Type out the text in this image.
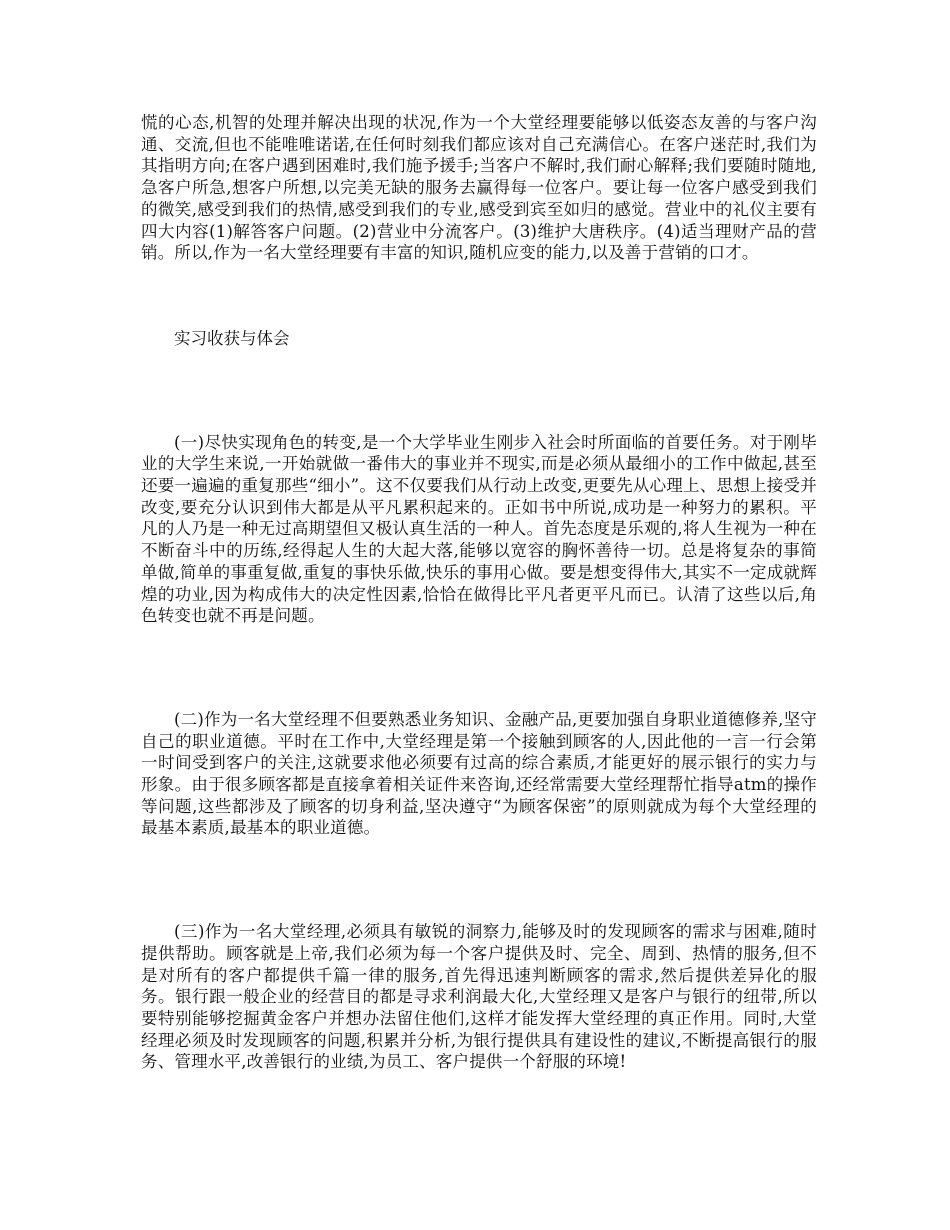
慌的心态,机智的处理并解决出现的状况,作为一个大堂经理要能够以低姿态友善的与客户沟通、交流,但也不能唯唯诺诺,在任何时刻我们都应该对自己充满信心。在客户迷茫时,我们为其指明方向;在客户遇到困难时,我们施予援手;当客户不解时,我们耐心解释;我们要随时随地,急客户所急,想客户所想,以完美无缺的服务去赢得每一位客户。要让每一位客户感受到我们的微笑,感受到我们的热情,感受到我们的专业,感受到宾至如归的感觉。营业中的礼仪主要有四大内容(1)解答客户问题。(2)营业中分流客户。(3)维护大唐秩序。(4)适当理财产品的营销。所以,作为一名大堂经理要有丰富的知识,随机应变的能力,以及善于营销的口才。

实习收获与体会

(一)尽快实现角色的转变,是一个大学毕业生刚步入社会时所面临的首要任务。对于刚毕业的大学生来说,一开始就做一番伟大的事业并不现实,而是必须从最细小的工作中做起,甚至还要一遍遍的重复那些“细小”。这不仅要我们从行动上改变,更要先从心理上、思想上接受并改变,要充分认识到伟大都是从平凡累积起来的。正如书中所说,成功是一种努力的累积。平凡的人乃是一种无过高期望但又极认真生活的一种人。首先态度是乐观的,将人生视为一种在不断奋斗中的历练,经得起人生的大起大落,能够以宽容的胸怀善待一切。总是将复杂的事简单做,简单的事重复做,重复的事快乐做,快乐的事用心做。要是想变得伟大,其实不一定成就辉煌的功业,因为构成伟大的决定性因素,恰恰在做得比平凡者更平凡而已。认清了这些以后,角色转变也就不再是问题。

(二)作为一名大堂经理不但要熟悉业务知识、金融产品,更要加强自身职业道德修养,坚守自己的职业道德。平时在工作中,大堂经理是第一个接触到顾客的人,因此他的一言一行会第一时间受到客户的关注,这就要求他必须要有过高的综合素质,才能更好的展示银行的实力与形象。由于很多顾客都是直接拿着相关证件来咨询,还经常需要大堂经理帮忙指导atm的操作等问题,这些都涉及了顾客的切身利益,坚决遵守“为顾客保密”的原则就成为每个大堂经理的最基本素质,最基本的职业道德。

(三)作为一名大堂经理,必须具有敏锐的洞察力,能够及时的发现顾客的需求与困难,随时提供帮助。顾客就是上帝,我们必须为每一个客户提供及时、完全、周到、热情的服务,但不是对所有的客户都提供千篇一律的服务,首先得迅速判断顾客的需求,然后提供差异化的服务。银行跟一般企业的经营目的都是寻求利润最大化,大堂经理又是客户与银行的纽带,所以要特别能够挖掘黄金客户并想办法留住他们,这样才能发挥大堂经理的真正作用。同时,大堂经理必须及时发现顾客的问题,积累并分析,为银行提供具有建设性的建议,不断提高银行的服务、管理水平,改善银行的业绩,为员工、客户提供一个舒服的环境!
